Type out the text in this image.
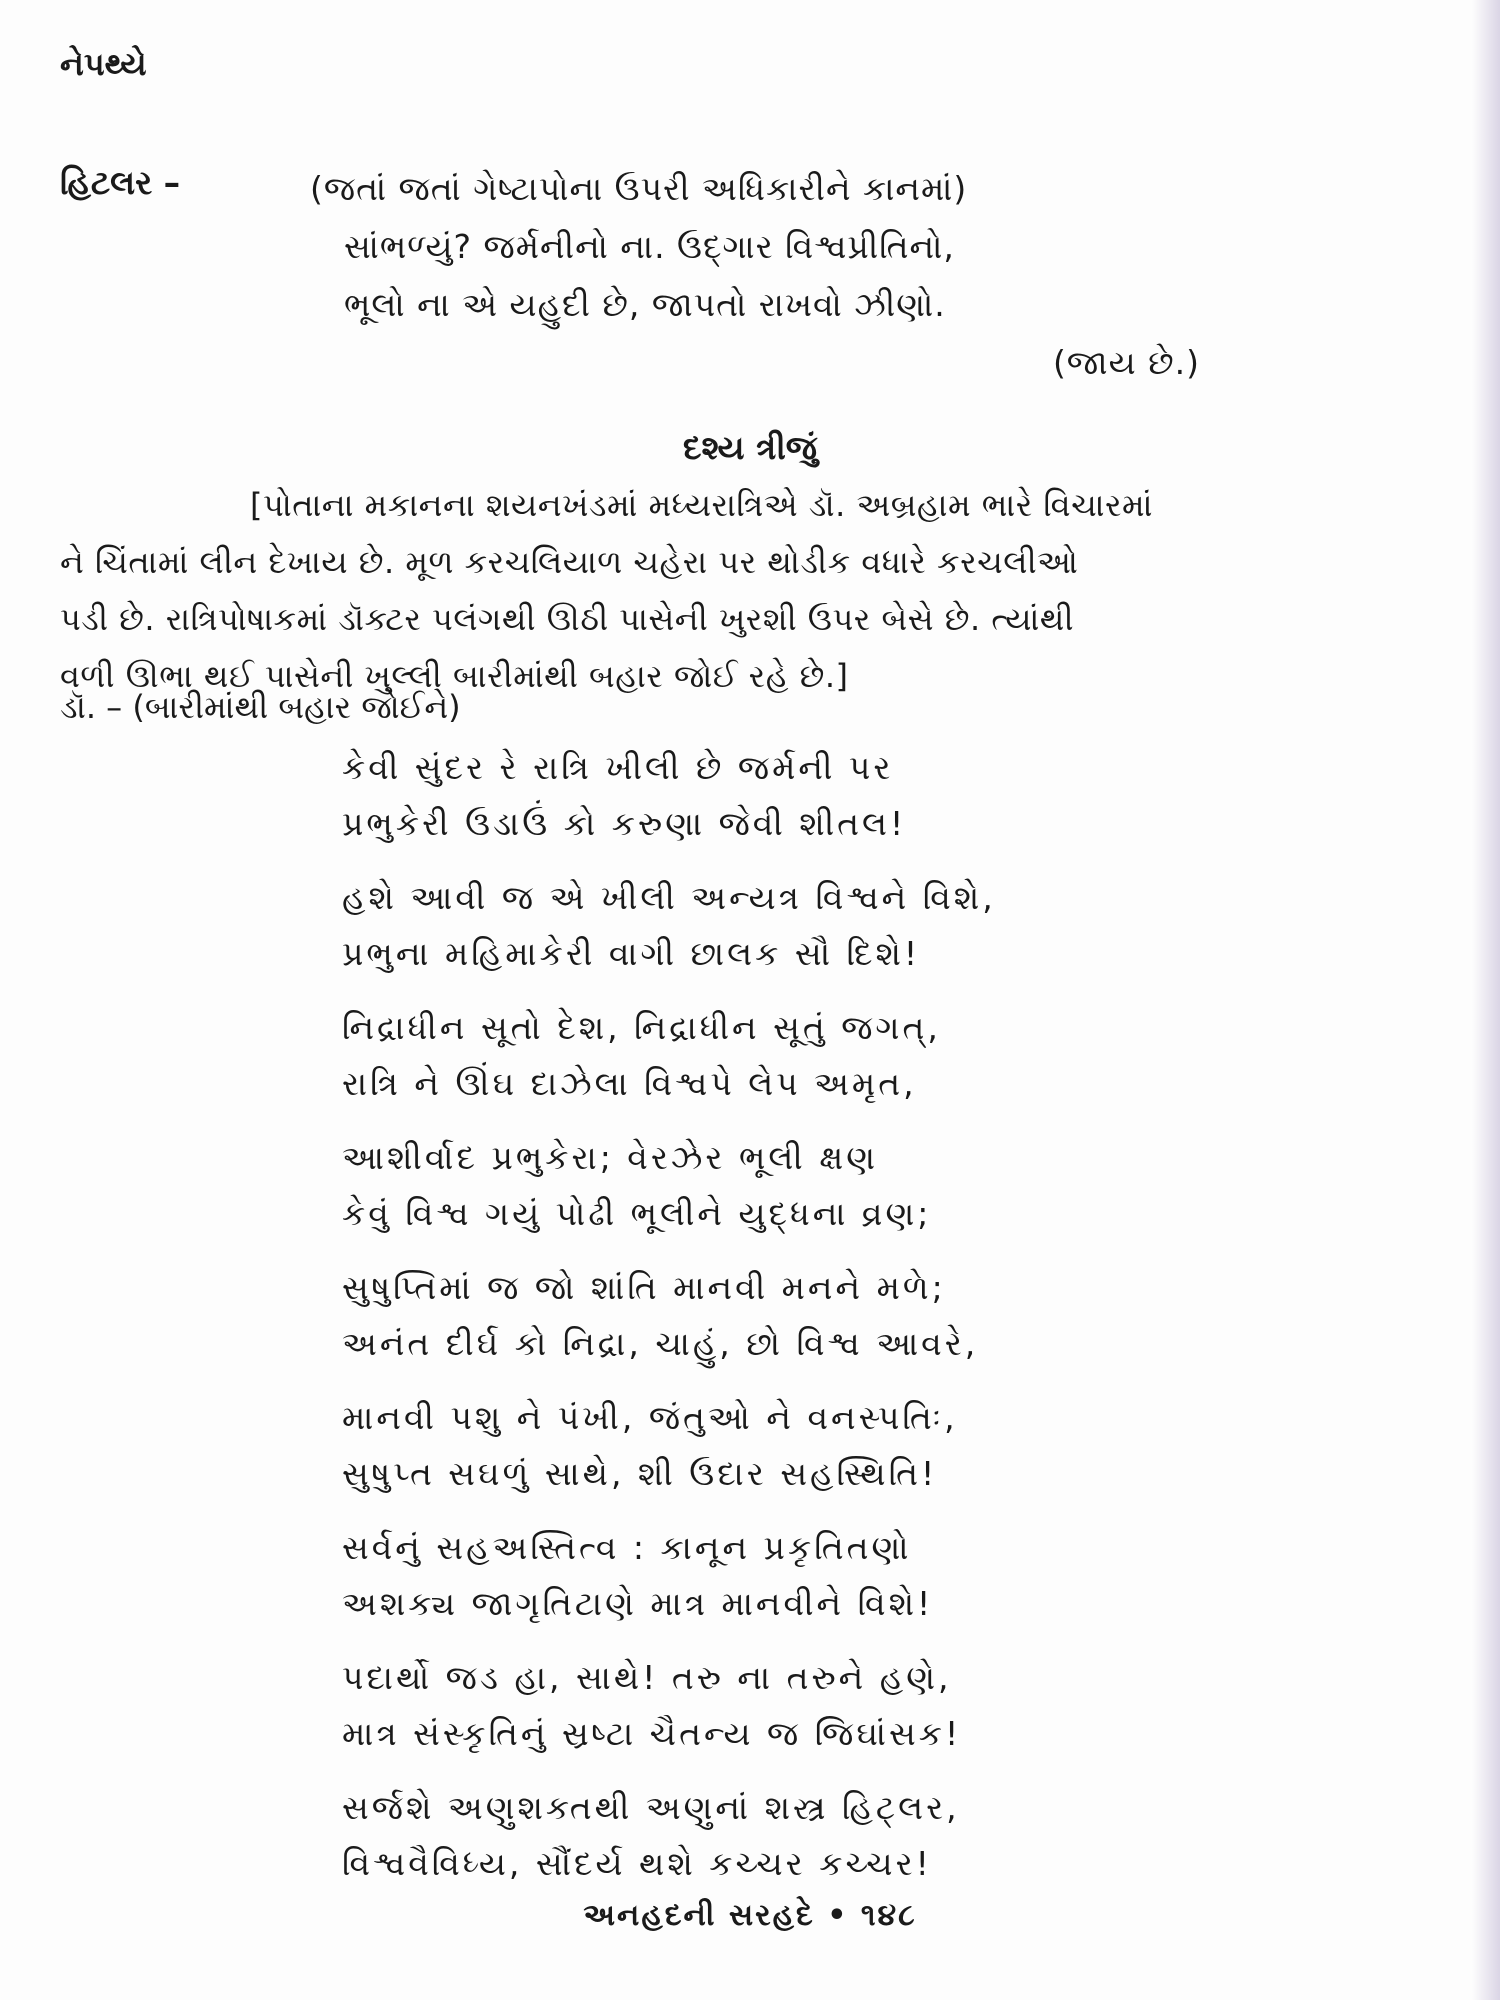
નેપથ્યે
હિટલર –	(જતાં જતાં ગેષ્ટાપોના ઉપરી અધિકારીને કાનમાં)
સાંભળ્યું? જર્મનીનો ના. ઉદ્‌ગાર વિશ્વપ્રીતિનો,
ભૂલો ના એ યહુદી છે, જાપતો રાખવો ઝીણો.
(જાય છે.)
દશ્ય ત્રીજું
[પોતાના મકાનના શયનખંડમાં મધ્યરાત્રિએ ડૉ. અબ્રહામ ભારે વિચારમાં
ને ચિંતામાં લીન દેખાય છે. મૂળ કરચલિયાળ ચહેરા પર થોડીક વધારે કરચલીઓ
પડી છે. રાત્રિપોષાકમાં ડૉક્ટર પલંગથી ઊઠી પાસેની ખુરશી ઉપર બેસે છે. ત્યાંથી
વળી ઊભા થઈ પાસેની ખુલ્લી બારીમાંથી બહાર જોઈ રહે છે.]
ડૉ. – (બારીમાંથી બહાર જોઈને)
કેવી સુંદર રે રાત્રિ ખીલી છે જર્મની પર
પ્રભુકેરી ઉડાઉં કો કરુણા જેવી શીતલ!
હશે આવી જ એ ખીલી અન્યત્ર વિશ્વને વિશે,
પ્રભુના મહિમાકેરી વાગી છાલક સૌ દિશે!
નિદ્રાધીન સૂતો દેશ, નિદ્રાધીન સૂતું જગત્‌,
રાત્રિ ને ઊંઘ દાઝેલા વિશ્વપે લેપ અમૃત,
આશીર્વાદ પ્રભુકેરા; વેરઝેર ભૂલી ક્ષણ
કેવું વિશ્વ ગયું પોઢી ભૂલીને યુદ્ધના વ્રણ;
સુષુપ્તિમાં જ જો શાંતિ માનવી મનને મળે;
અનંત દીર્ઘ કો નિદ્રા, ચાહું, છો વિશ્વ આવરે,
માનવી પશુ ને પંખી, જંતુઓ ને વનસ્પતિઃ,
સુષુપ્ત સઘળું સાથે, શી ઉદાર સહસ્થિતિ!
સર્વનું સહઅસ્તિત્વ : કાનૂન પ્રકૃતિતણો
અશક્ય જાગૃતિટાણે માત્ર માનવીને વિશે!
પદાર્થો જડ હા, સાથે! તરુ ના તરુને હણે,
માત્ર સંસ્કૃતિનું સ્રષ્ટા ચૈતન્ય જ જિઘાંસક!
સર્જશે અણુશક્તથી અણુનાં શસ્ત્ર હિટ્‌લર,
વિશ્વવૈવિધ્ય, સૌંદર્ય થશે કચ્ચર કચ્ચર!
અનહદની સરહદે • ૧૪૮
